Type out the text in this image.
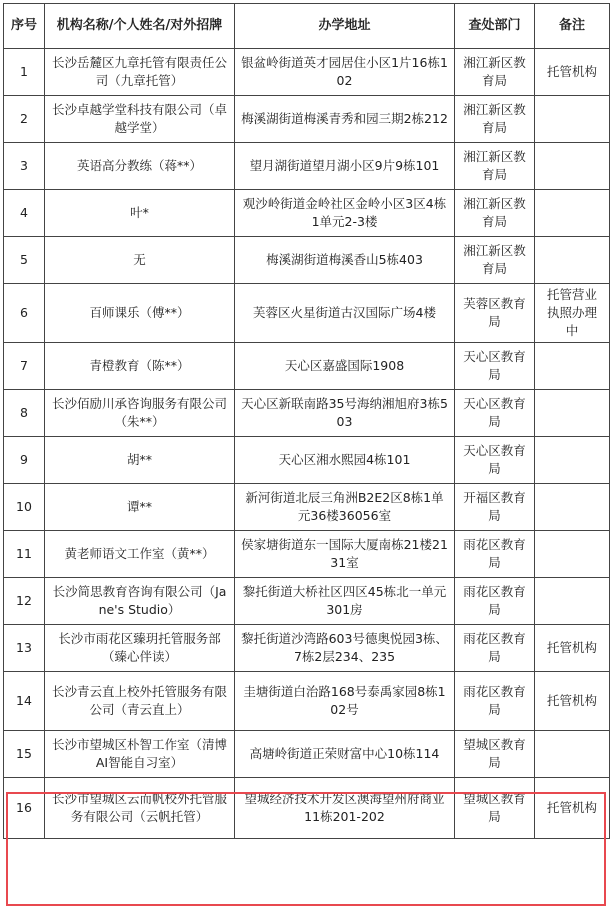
序号	机构名称/个人姓名/对外招牌	办学地址	查处部门	备注
1	长沙岳麓区九章托管有限责任公司（九章托管）	银盆岭街道英才园居住小区1片16栋102	湘江新区教育局	托管机构
2	长沙卓越学堂科技有限公司（卓越学堂）	梅溪湖街道梅溪青秀和园三期2栋212	湘江新区教育局	
3	英语高分教练（蒋**）	望月湖街道望月湖小区9片9栋101	湘江新区教育局	
4	叶*	观沙岭街道金岭社区金岭小区3区4栋1单元2-3楼	湘江新区教育局	
5	无	梅溪湖街道梅溪香山5栋403	湘江新区教育局	
6	百师课乐（傅**）	芙蓉区火星街道古汉国际广场4楼	芙蓉区教育局	托管营业执照办理中
7	青橙教育（陈**）	天心区嘉盛国际1908	天心区教育局	
8	长沙佰励川承咨询服务有限公司（朱**）	天心区新联南路35号海纳湘旭府3栋503	天心区教育局	
9	胡**	天心区湘水熙园4栋101	天心区教育局	
10	谭**	新河街道北辰三角洲B2E2区8栋1单元36楼36056室	开福区教育局	
11	黄老师语文工作室（黄**）	侯家塘街道东一国际大厦南栋21楼2131室	雨花区教育局	
12	长沙简思教育咨询有限公司（Jane's Studio）	黎托街道大桥社区四区45栋北一单元301房	雨花区教育局	
13	长沙市雨花区臻玥托管服务部（臻心伴读）	黎托街道沙湾路603号德奥悦园3栋、7栋2层234、235	雨花区教育局	托管机构
14	长沙青云直上校外托管服务有限公司（青云直上）	圭塘街道白治路168号泰禹家园8栋102号	雨花区教育局	托管机构
15	长沙市望城区朴智工作室（清博AI智能自习室）	高塘岭街道正荣财富中心10栋114	望城区教育局	
16	长沙市望城区云而帆校外托管服务有限公司（云帆托管）	望城经济技术开发区澳海望州府商业11栋201-202	望城区教育局	托管机构
